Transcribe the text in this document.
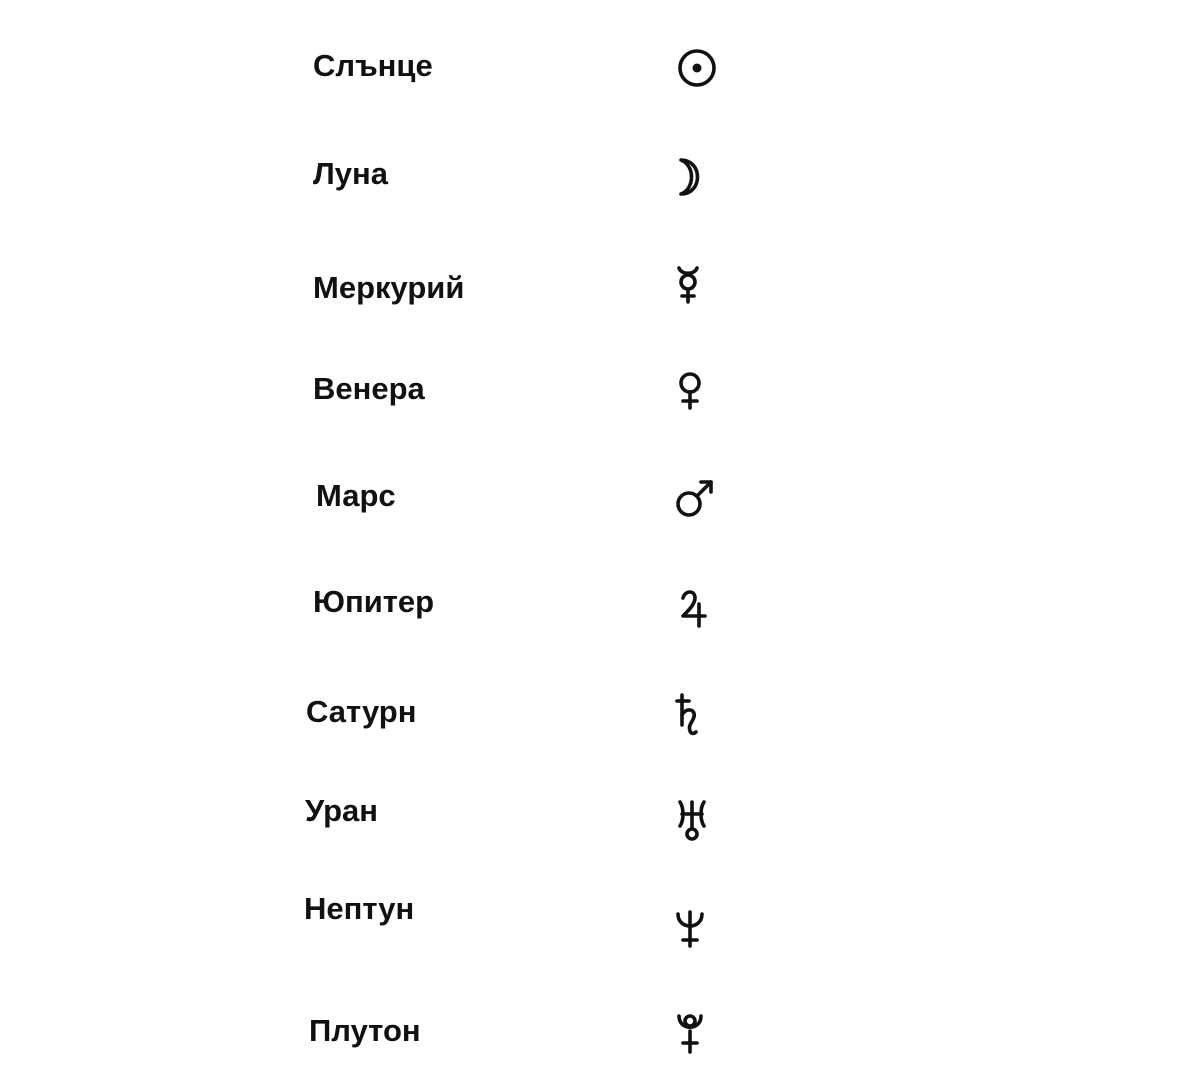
Слънце
Луна
Меркурий
Венера
Марс
Юпитер
Сатурн
Уран
Нептун
Плутон
